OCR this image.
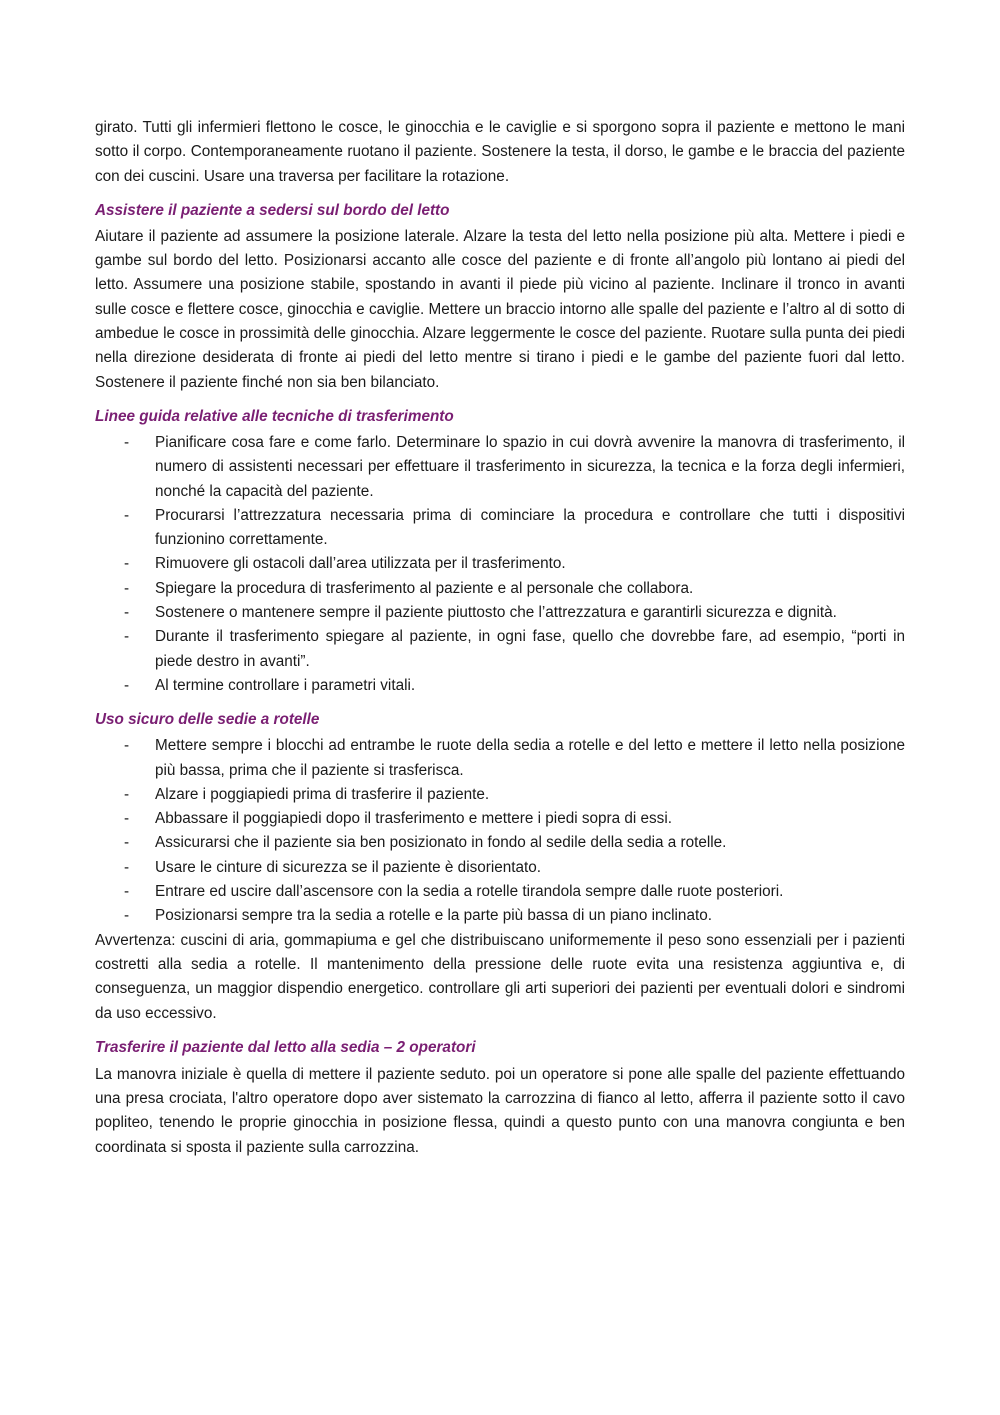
girato. Tutti gli infermieri flettono le cosce, le ginocchia e le caviglie e si sporgono sopra il paziente e mettono le mani sotto il corpo. Contemporaneamente ruotano il paziente. Sostenere la testa, il dorso, le gambe e le braccia del paziente con dei cuscini. Usare una traversa per facilitare la rotazione.

Assistere il paziente a sedersi sul bordo del letto

Aiutare il paziente ad assumere la posizione laterale. Alzare la testa del letto nella posizione più alta. Mettere i piedi e gambe sul bordo del letto. Posizionarsi accanto alle cosce del paziente e di fronte all’angolo più lontano ai piedi del letto. Assumere una posizione stabile, spostando in avanti il piede più vicino al paziente. Inclinare il tronco in avanti sulle cosce e flettere cosce, ginocchia e caviglie. Mettere un braccio intorno alle spalle del paziente e l’altro al di sotto di ambedue le cosce in prossimità delle ginocchia. Alzare leggermente le cosce del paziente. Ruotare sulla punta dei piedi nella direzione desiderata di fronte ai piedi del letto mentre si tirano i piedi e le gambe del paziente fuori dal letto. Sostenere il paziente finché non sia ben bilanciato.

Linee guida relative alle tecniche di trasferimento
- Pianificare cosa fare e come farlo. Determinare lo spazio in cui dovrà avvenire la manovra di trasferimento, il numero di assistenti necessari per effettuare il trasferimento in sicurezza, la tecnica e la forza degli infermieri, nonché la capacità del paziente.
- Procurarsi l’attrezzatura necessaria prima di cominciare la procedura e controllare che tutti i dispositivi funzionino correttamente.
- Rimuovere gli ostacoli dall’area utilizzata per il trasferimento.
- Spiegare la procedura di trasferimento al paziente e al personale che collabora.
- Sostenere o mantenere sempre il paziente piuttosto che l’attrezzatura e garantirli sicurezza e dignità.
- Durante il trasferimento spiegare al paziente, in ogni fase, quello che dovrebbe fare, ad esempio, “porti in piede destro in avanti”.
- Al termine controllare i parametri vitali.
Uso sicuro delle sedie a rotelle
- Mettere sempre i blocchi ad entrambe le ruote della sedia a rotelle e del letto e mettere il letto nella posizione più bassa, prima che il paziente si trasferisca.
- Alzare i poggiapiedi prima di trasferire il paziente.
- Abbassare il poggiapiedi dopo il trasferimento e mettere i piedi sopra di essi.
- Assicurarsi che il paziente sia ben posizionato in fondo al sedile della sedia a rotelle.
- Usare le cinture di sicurezza se il paziente è disorientato.
- Entrare ed uscire dall’ascensore con la sedia a rotelle tirandola sempre dalle ruote posteriori.
- Posizionarsi sempre tra la sedia a rotelle e la parte più bassa di un piano inclinato.

Avvertenza: cuscini di aria, gommapiuma e gel che distribuiscano uniformemente il peso sono essenziali per i pazienti costretti alla sedia a rotelle. Il mantenimento della pressione delle ruote evita una resistenza aggiuntiva e, di conseguenza, un maggior dispendio energetico. controllare gli arti superiori dei pazienti per eventuali dolori e sindromi da uso eccessivo.

Trasferire il paziente dal letto alla sedia – 2 operatori

La manovra iniziale è quella di mettere il paziente seduto. poi un operatore si pone alle spalle del paziente effettuando una presa crociata, l'altro operatore dopo aver sistemato la carrozzina di fianco al letto, afferra il paziente sotto il cavo popliteo, tenendo le proprie ginocchia in posizione flessa, quindi a questo punto con una manovra congiunta e ben coordinata si sposta il paziente sulla carrozzina.
